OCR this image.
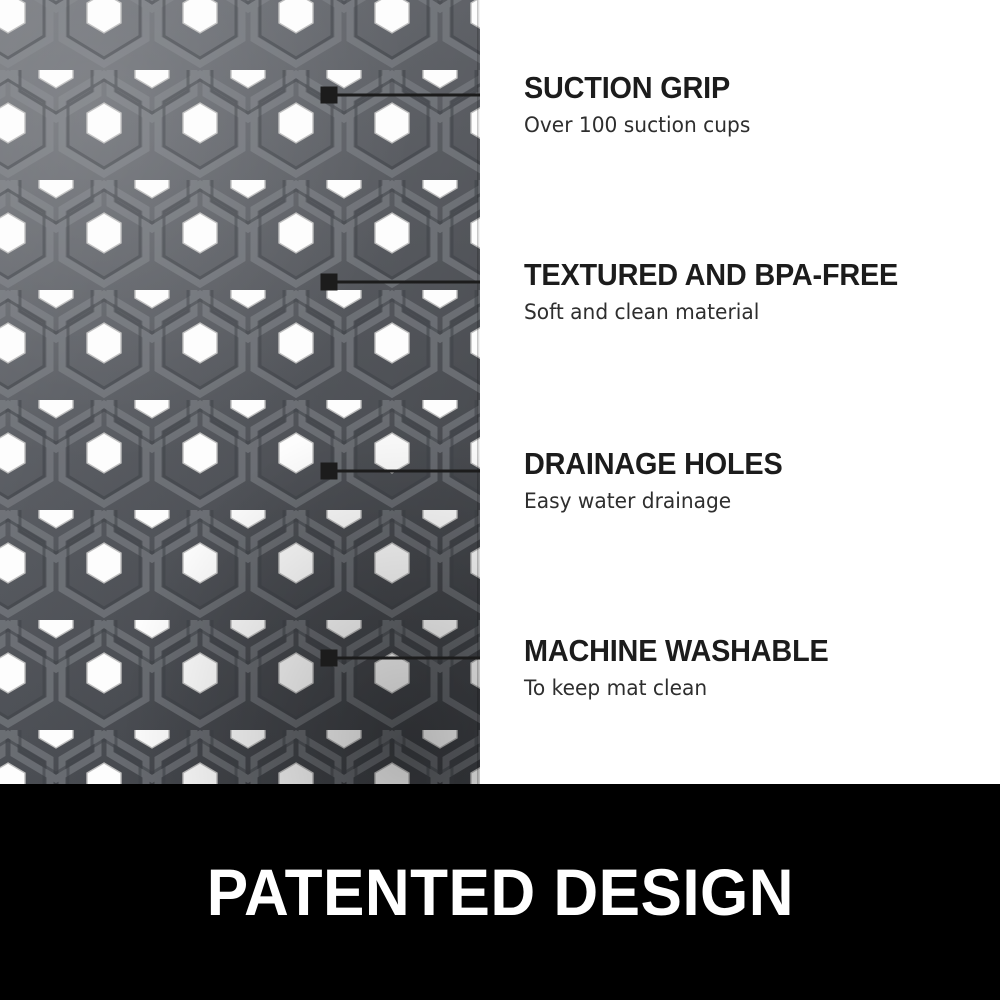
SUCTION GRIP
Over 100 suction cups
TEXTURED AND BPA-FREE
Soft and clean material
DRAINAGE HOLES
Easy water drainage
MACHINE WASHABLE
To keep mat clean
PATENTED DESIGN
